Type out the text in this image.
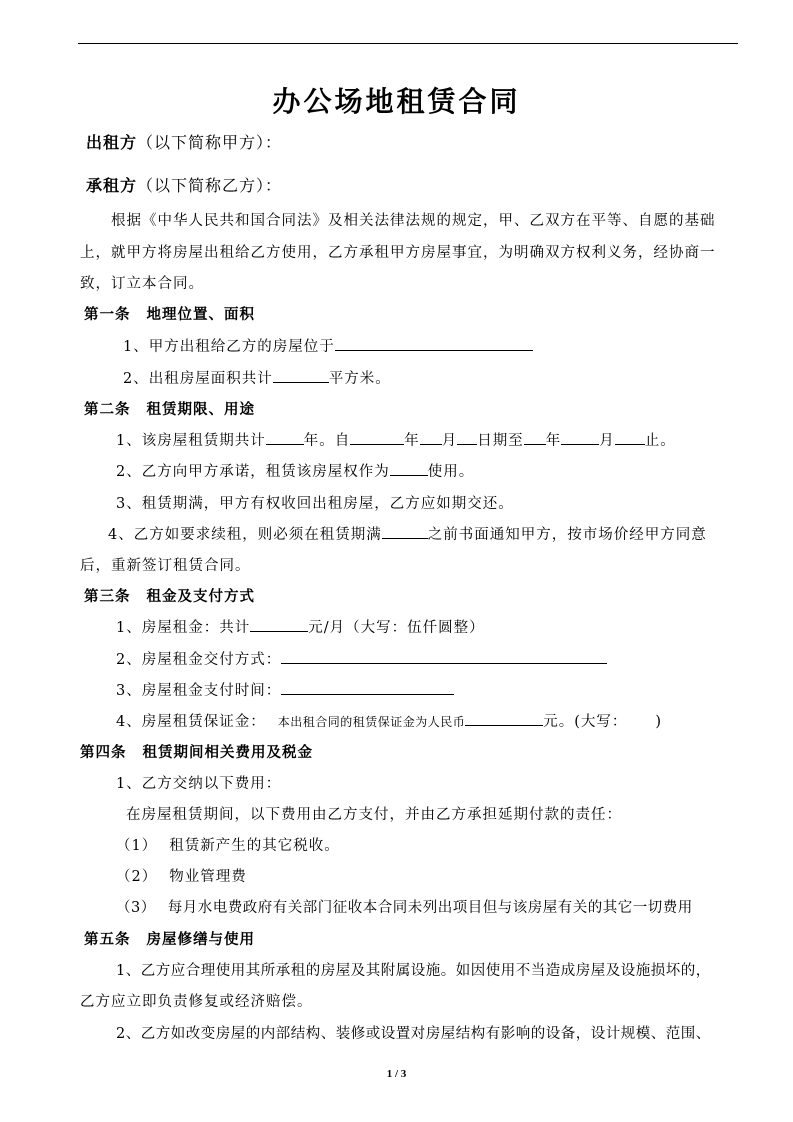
办公场地租赁合同
出租方（以下简称甲方）：
承租方（以下简称乙方）：
根据《中华人民共和国合同法》及相关法律法规的规定，甲、乙双方在平等、自愿的基础
上，就甲方将房屋出租给乙方使用，乙方承租甲方房屋事宜，为明确双方权利义务，经协商一
致，订立本合同。
第一条 地理位置、面积
1、甲方出租给乙方的房屋位于
2、出租房屋面积共计	平方米。
第二条 租赁期限、用途
1、该房屋租赁期共计	年。自	年 月 日期至 年	月 止。
2、乙方向甲方承诺，租赁该房屋权作为	使用。
3、租赁期满，甲方有权收回出租房屋，乙方应如期交还。
4、乙方如要求续租，则必须在租赁期满	之前书面通知甲方，按市场价经甲方同意
后，重新签订租赁合同。
第三条 租金及支付方式
1、房屋租金：共计	元/月（大写：伍仟圆整）
2、房屋租金交付方式：
3、房屋租金支付时间：
4、房屋租赁保证金： 本出租合同的租赁保证金为人民币	元。(大写： )
第四条 租赁期间相关费用及税金
1、乙方交纳以下费用：
在房屋租赁期间，以下费用由乙方支付，并由乙方承担延期付款的责任：
（1） 租赁新产生的其它税收。
（2） 物业管理费
（3） 每月水电费政府有关部门征收本合同未列出项目但与该房屋有关的其它一切费用
第五条 房屋修缮与使用
1、乙方应合理使用其所承租的房屋及其附属设施。如因使用不当造成房屋及设施损坏的，
乙方应立即负责修复或经济赔偿。
2、乙方如改变房屋的内部结构、装修或设置对房屋结构有影响的设备，设计规模、范围、
1 / 3
